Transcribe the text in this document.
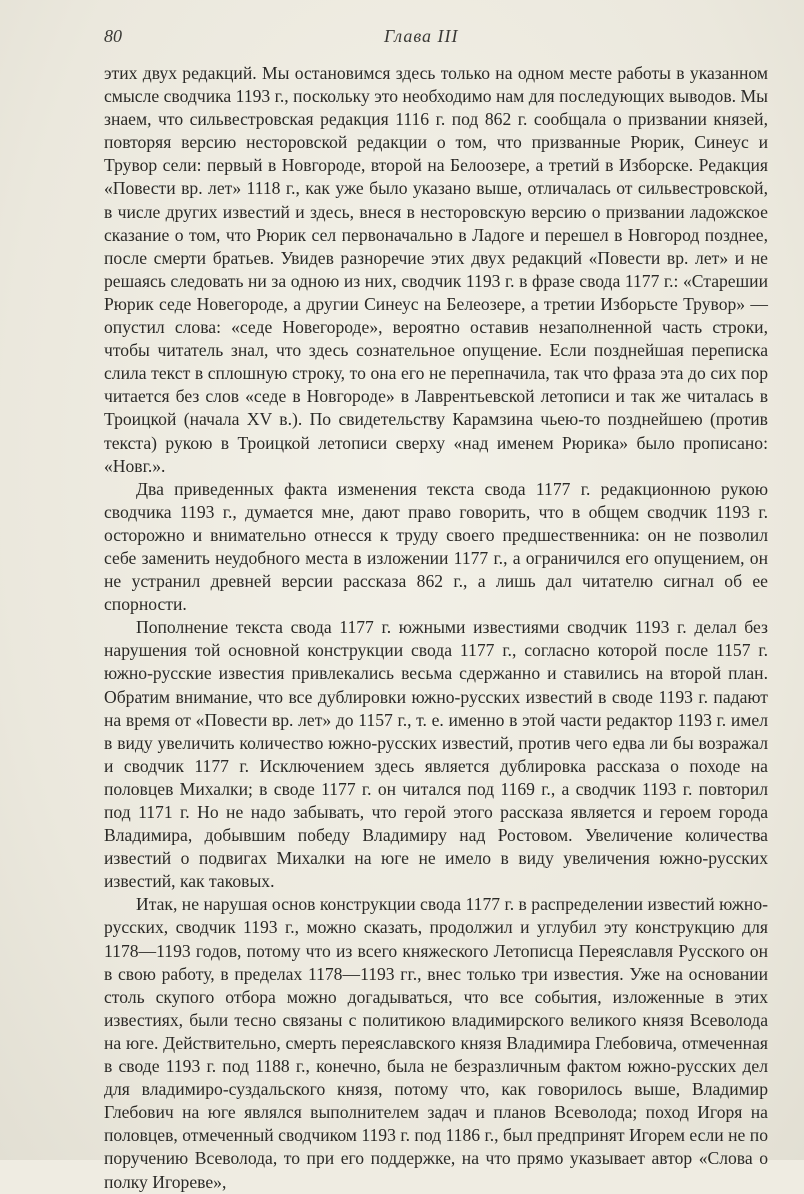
80	Глава III

этих двух редакций. Мы остановимся здесь только на одном месте работы в указанном смысле сводчика 1193 г., поскольку это необходимо нам для последующих выводов. Мы знаем, что сильвестровская редакция 1116 г. под 862 г. сообщала о призвании князей, повторяя версию несторовской редакции о том, что призванные Рюрик, Синеус и Трувор сели: первый в Новгороде, второй на Белоозере, а третий в Изборске. Редакция «Повести вр. лет» 1118 г., как уже было указано выше, отличалась от сильвестровской, в числе других известий и здесь, внеся в несторовскую версию о призвании ладожское сказание о том, что Рюрик сел первоначально в Ладоге и перешел в Новгород позднее, после смерти братьев. Увидев разноречие этих двух редакций «Повести вр. лет» и не решаясь следовать ни за одною из них, сводчик 1193 г. в фразе свода 1177 г.: «Старешии Рюрик седе Новегороде, а другии Синеус на Белеозере, а третии Изборьсте Трувор» — опустил слова: «седе Новегороде», вероятно оставив незаполненной часть строки, чтобы читатель знал, что здесь сознательное опущение. Если позднейшая переписка слила текст в сплошную строку, то она его не перепначила, так что фраза эта до сих пор читается без слов «седе в Новгороде» в Лаврентьевской летописи и так же читалась в Троицкой (начала XV в.). По свидетельству Карамзина чьею-то позднейшею (против текста) рукою в Троицкой летописи сверху «над именем Рюрика» было прописано: «Новг.».

Два приведенных факта изменения текста свода 1177 г. редакционною рукою сводчика 1193 г., думается мне, дают право говорить, что в общем сводчик 1193 г. осторожно и внимательно отнесся к труду своего предшественника: он не позволил себе заменить неудобного места в изложении 1177 г., а ограничился его опущением, он не устранил древней версии рассказа 862 г., а лишь дал читателю сигнал об ее спорности.

Пополнение текста свода 1177 г. южными известиями сводчик 1193 г. делал без нарушения той основной конструкции свода 1177 г., согласно которой после 1157 г. южно-русские известия привлекались весьма сдержанно и ставились на второй план. Обратим внимание, что все дублировки южно-русских известий в своде 1193 г. падают на время от «Повести вр. лет» до 1157 г., т. е. именно в этой части редактор 1193 г. имел в виду увеличить количество южно-русских известий, против чего едва ли бы возражал и сводчик 1177 г. Исключением здесь является дублировка рассказа о походе на половцев Михалки; в своде 1177 г. он читался под 1169 г., а сводчик 1193 г. повторил под 1171 г. Но не надо забывать, что герой этого рассказа является и героем города Владимира, добывшим победу Владимиру над Ростовом. Увеличение количества известий о подвигах Михалки на юге не имело в виду увеличения южно-русских известий, как таковых.

Итак, не нарушая основ конструкции свода 1177 г. в распределении известий южно-русских, сводчик 1193 г., можно сказать, продолжил и углубил эту конструкцию для 1178—1193 годов, потому что из всего княжеского Летописца Переяславля Русского он в свою работу, в пределах 1178—1193 гг., внес только три известия. Уже на основании столь скупого отбора можно догадываться, что все события, изложенные в этих известиях, были тесно связаны с политикою владимирского великого князя Всеволода на юге. Действительно, смерть переяславского князя Владимира Глебовича, отмеченная в своде 1193 г. под 1188 г., конечно, была не безразличным фактом южно-русских дел для владимиро-суздальского князя, потому что, как говорилось выше, Владимир Глебович на юге являлся выполнителем задач и планов Всеволода; поход Игоря на половцев, отмеченный сводчиком 1193 г. под 1186 г., был предпринят Игорем если не по поручению Всеволода, то при его поддержке, на что прямо указывает автор «Слова о полку Игореве»,
